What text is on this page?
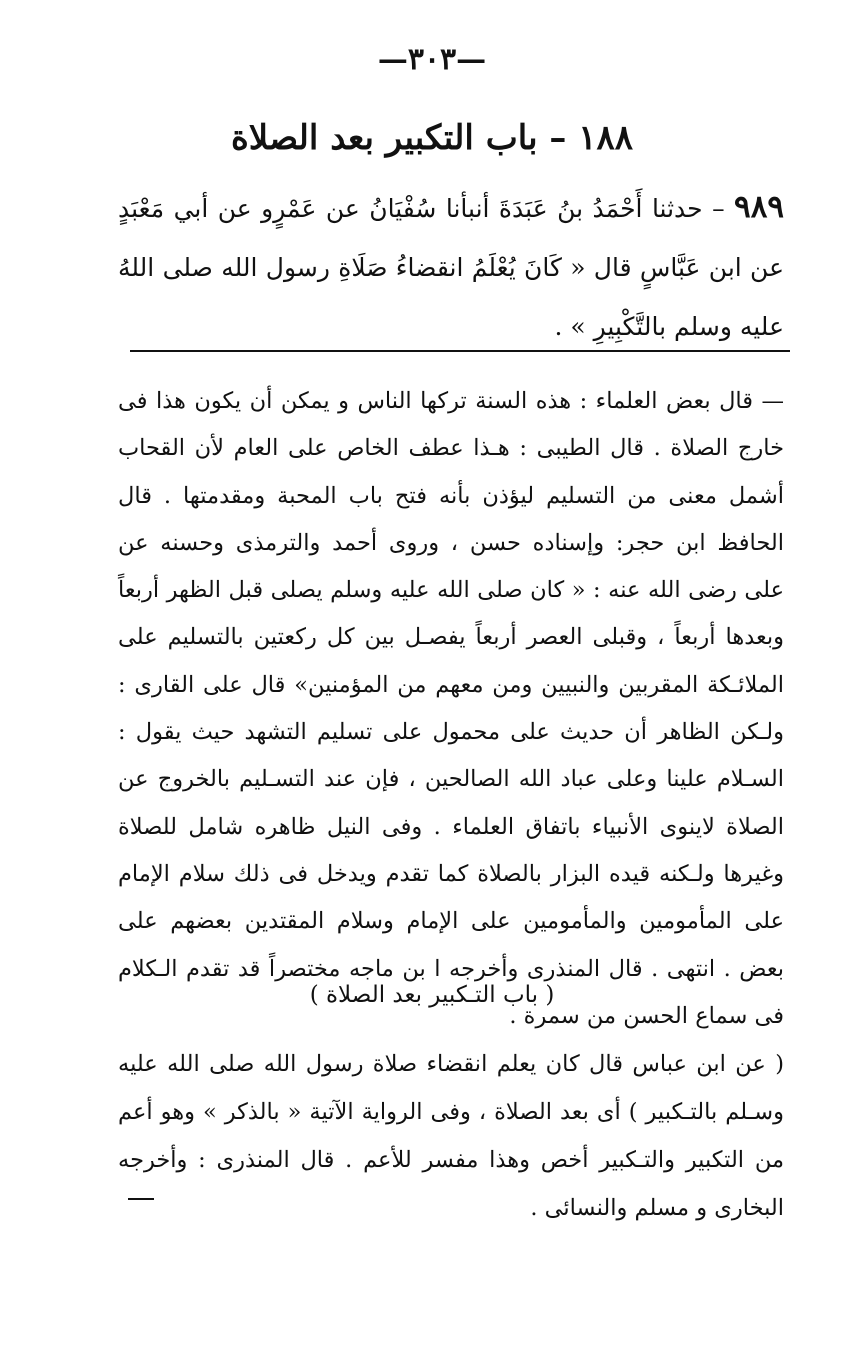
—٣٠٣—
١٨٨ – باب التكبير بعد الصلاة
٩٨٩ – حدثنا أَحْمَدُ بنُ عَبَدَةَ أنبأنا سُفْيَانُ عن عَمْرٍو عن أبي مَعْبَدٍ عن ابن عَبَّاسٍ قال « كَانَ يُعْلَمُ انقضاءُ صَلَاةِ رسول الله صلى اللهُ عليه وسلم بالتَّكْبِيرِ » .
— قال بعض العلماء : هذه السنة تركها الناس و يمكن أن يكون هذا فى خارج الصلاة . قال الطيبى : هـذا عطف الخاص على العام لأن القحاب أشمل معنى من التسليم ليؤذن بأنه فتح باب المحبة ومقدمتها . قال الحافظ ابن حجر: وإسناده حسن ، وروى أحمد والترمذى وحسنه عن على رضى الله عنه : « كان صلى الله عليه وسلم يصلى قبل الظهر أربعاً وبعدها أربعاً ، وقبلى العصر أربعاً يفصـل بين كل ركعتين بالتسليم على الملائـكة المقربين والنبيين ومن معهم من المؤمنين» قال على القارى : ولـكن الظاهر أن حديث على محمول على تسليم التشهد حيث يقول : السـلام علينا وعلى عباد الله الصالحين ، فإن عند التسـليم بالخروج عن الصلاة لاينوى الأنبياء باتفاق العلماء . وفى النيل ظاهره شامل للصلاة وغيرها ولـكنه قيده البزار بالصلاة كما تقدم ويدخل فى ذلك سلام الإمام على المأمومين والمأمومين على الإمام وسلام المقتدين بعضهم على بعض . انتهى . قال المنذرى وأخرجه ا بن ماجه مختصراً قد تقدم الـكلام فى سماع الحسن من سمرة .
( باب التـكبير بعد الصلاة )
( عن ابن عباس قال كان يعلم انقضاء صلاة رسول الله صلى الله عليه وسـلم بالتـكبير ) أى بعد الصلاة ، وفى الرواية الآتية « بالذكر » وهو أعم من التكبير والتـكبير أخص وهذا مفسر للأعم . قال المنذرى : وأخرجه البخارى و مسلم والنسائى .
